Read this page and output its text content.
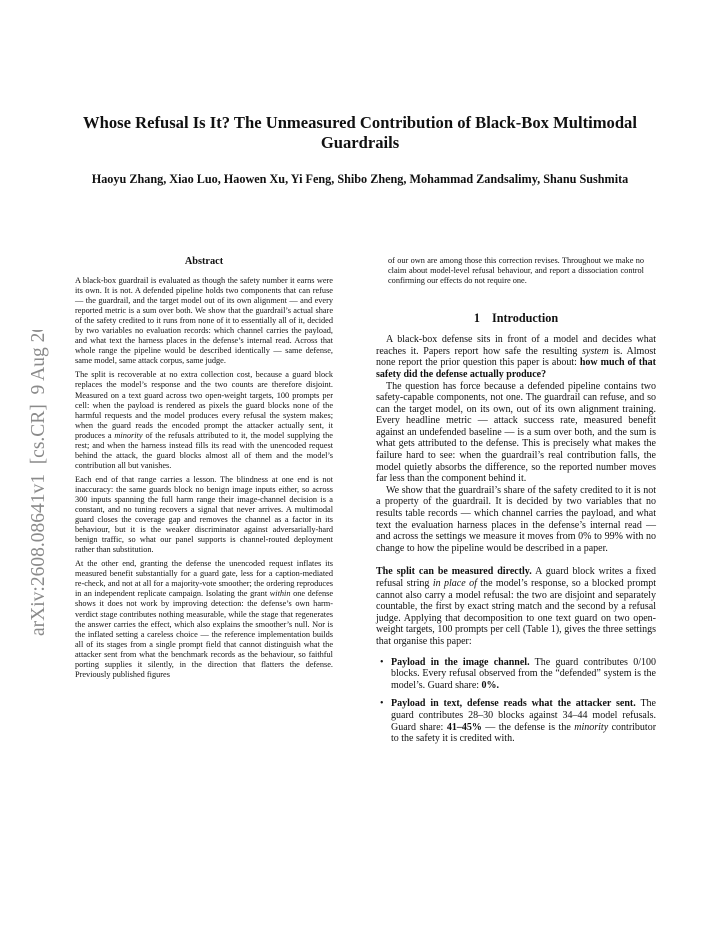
arXiv:2608.08641v1  [cs.CR]  9 Aug 2026
Whose Refusal Is It? The Unmeasured Contribution of Black-Box Multimodal Guardrails

Haoyu Zhang, Xiao Luo, Haowen Xu, Yi Feng, Shibo Zheng, Mohammad Zandsalimy, Shanu Sushmita

Abstract

A black-box guardrail is evaluated as though the safety number it earns were its own. It is not. A defended pipeline holds two components that can refuse — the guardrail, and the target model out of its own alignment — and every reported metric is a sum over both. We show that the guardrail’s actual share of the safety credited to it runs from none of it to essentially all of it, decided by two variables no evaluation records: which channel carries the payload, and what text the harness places in the defense’s internal read. Across that whole range the pipeline would be described identically — same defense, same model, same attack corpus, same judge.

The split is recoverable at no extra collection cost, because a guard block replaces the model’s response and the two counts are therefore disjoint. Measured on a text guard across two open-weight targets, 100 prompts per cell: when the payload is rendered as pixels the guard blocks none of the harmful requests and the model produces every refusal the system makes; when the guard reads the encoded prompt the attacker actually sent, it produces a minority of the refusals attributed to it, the model supplying the rest; and when the harness instead fills its read with the unencoded request behind the attack, the guard blocks almost all of them and the model’s contribution all but vanishes.

Each end of that range carries a lesson. The blindness at one end is not inaccuracy: the same guards block no benign image inputs either, so across 300 inputs spanning the full harm range their image-channel decision is a constant, and no tuning recovers a signal that never arrives. A multimodal guard closes the coverage gap and removes the channel as a factor in its behaviour, but it is the weaker discriminator against adversarially-hard benign traffic, so what our panel supports is channel-routed deployment rather than substitution.

At the other end, granting the defense the unencoded request inflates its measured benefit substantially for a guard gate, less for a caption-mediated re-check, and not at all for a majority-vote smoother; the ordering reproduces in an independent replicate campaign. Isolating the grant within one defense shows it does not work by improving detection: the defense’s own harm-verdict stage contributes nothing measurable, while the stage that regenerates the answer carries the effect, which also explains the smoother’s null. Nor is the inflated setting a careless choice — the reference implementation builds all of its stages from a single prompt field that cannot distinguish what the attacker sent from what the benchmark records as the behaviour, so faithful porting supplies it silently, in the direction that flatters the defense. Previously published figures

of our own are among those this correction revises. Throughout we make no claim about model-level refusal behaviour, and report a dissociation control confirming our effects do not require one.

1 Introduction

A black-box defense sits in front of a model and decides what reaches it. Papers report how safe the resulting system is. Almost none report the prior question this paper is about: how much of that safety did the defense actually produce?

The question has force because a defended pipeline contains two safety-capable components, not one. The guardrail can refuse, and so can the target model, on its own, out of its own alignment training. Every headline metric — attack success rate, measured benefit against an undefended baseline — is a sum over both, and the sum is what gets attributed to the defense. This is precisely what makes the failure hard to see: when the guardrail’s real contribution falls, the model quietly absorbs the difference, so the reported number moves far less than the component behind it.

We show that the guardrail’s share of the safety credited to it is not a property of the guardrail. It is decided by two variables that no results table records — which channel carries the payload, and what text the evaluation harness places in the defense’s internal read — and across the settings we measure it moves from 0% to 99% with no change to how the pipeline would be described in a paper.

The split can be measured directly. A guard block writes a fixed refusal string in place of the model’s response, so a blocked prompt cannot also carry a model refusal: the two are disjoint and separately countable, the first by exact string match and the second by a refusal judge. Applying that decomposition to one text guard on two open-weight targets, 100 prompts per cell (Table 1), gives the three settings that organise this paper:

• Payload in the image channel. The guard contributes 0/100 blocks. Every refusal observed from the “defended” system is the model’s. Guard share: 0%.
• Payload in text, defense reads what the attacker sent. The guard contributes 28–30 blocks against 34–44 model refusals. Guard share: 41–45% — the defense is the minority contributor to the safety it is credited with.
